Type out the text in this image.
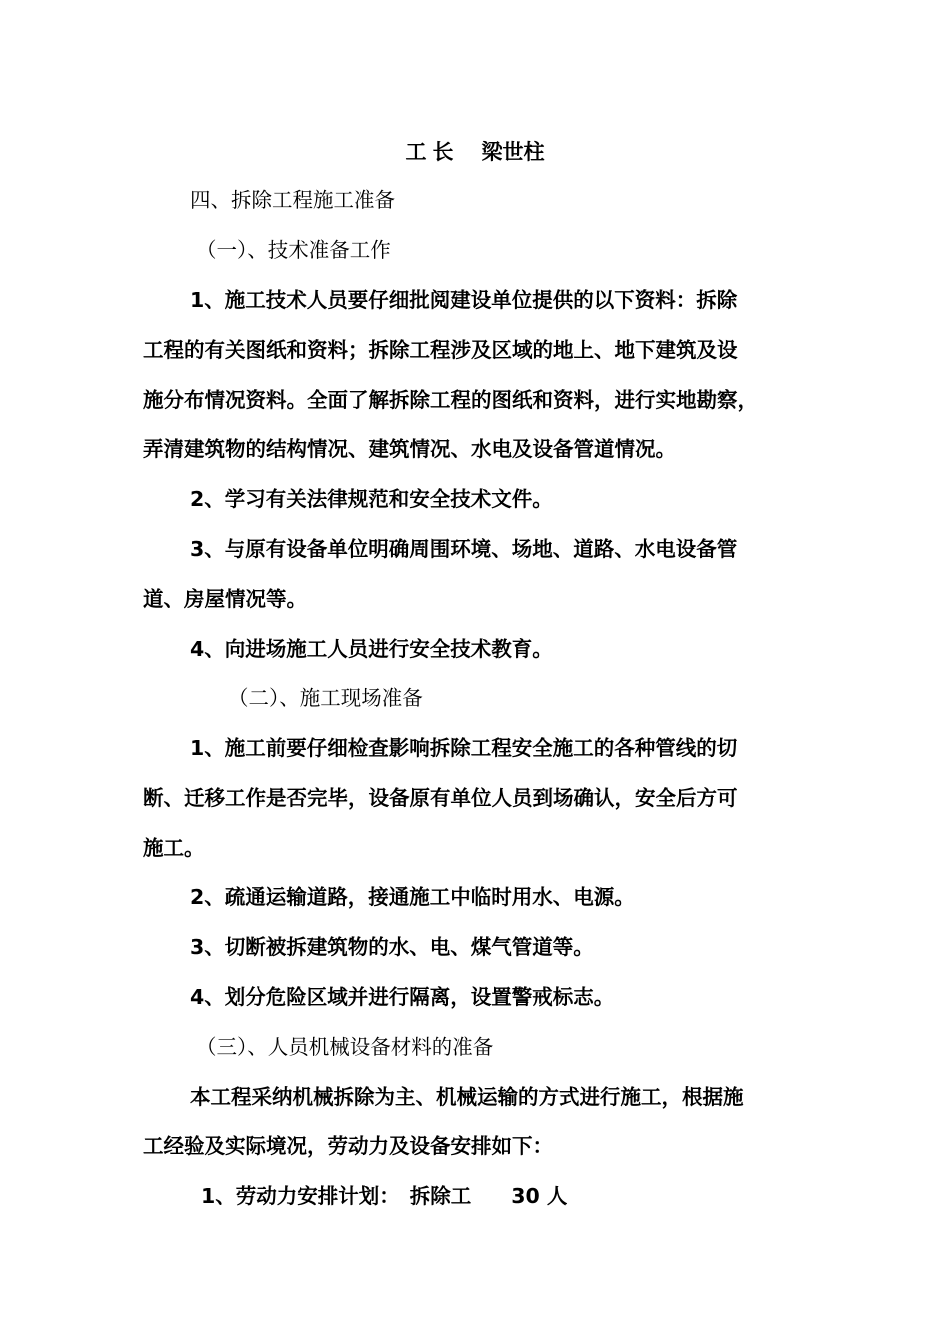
工 长 梁世柱
四、拆除工程施工准备
（一）、技术准备工作
1、施工技术人员要仔细批阅建设单位提供的以下资料：拆除
工程的有关图纸和资料；拆除工程涉及区域的地上、地下建筑及设
施分布情况资料。全面了解拆除工程的图纸和资料，进行实地勘察，
弄清建筑物的结构情况、建筑情况、水电及设备管道情况。
2、学习有关法律规范和安全技术文件。
3、与原有设备单位明确周围环境、场地、道路、水电设备管
道、房屋情况等。
4、向进场施工人员进行安全技术教育。
（二）、施工现场准备
1、施工前要仔细检查影响拆除工程安全施工的各种管线的切
断、迁移工作是否完毕，设备原有单位人员到场确认，安全后方可
施工。
2、疏通运输道路，接通施工中临时用水、电源。
3、切断被拆建筑物的水、电、煤气管道等。
4、划分危险区域并进行隔离，设置警戒标志。
（三）、人员机械设备材料的准备
本工程采纳机械拆除为主、机械运输的方式进行施工，根据施
工经验及实际境况，劳动力及设备安排如下：
1、劳动力安排计划： 拆除工 30 人
